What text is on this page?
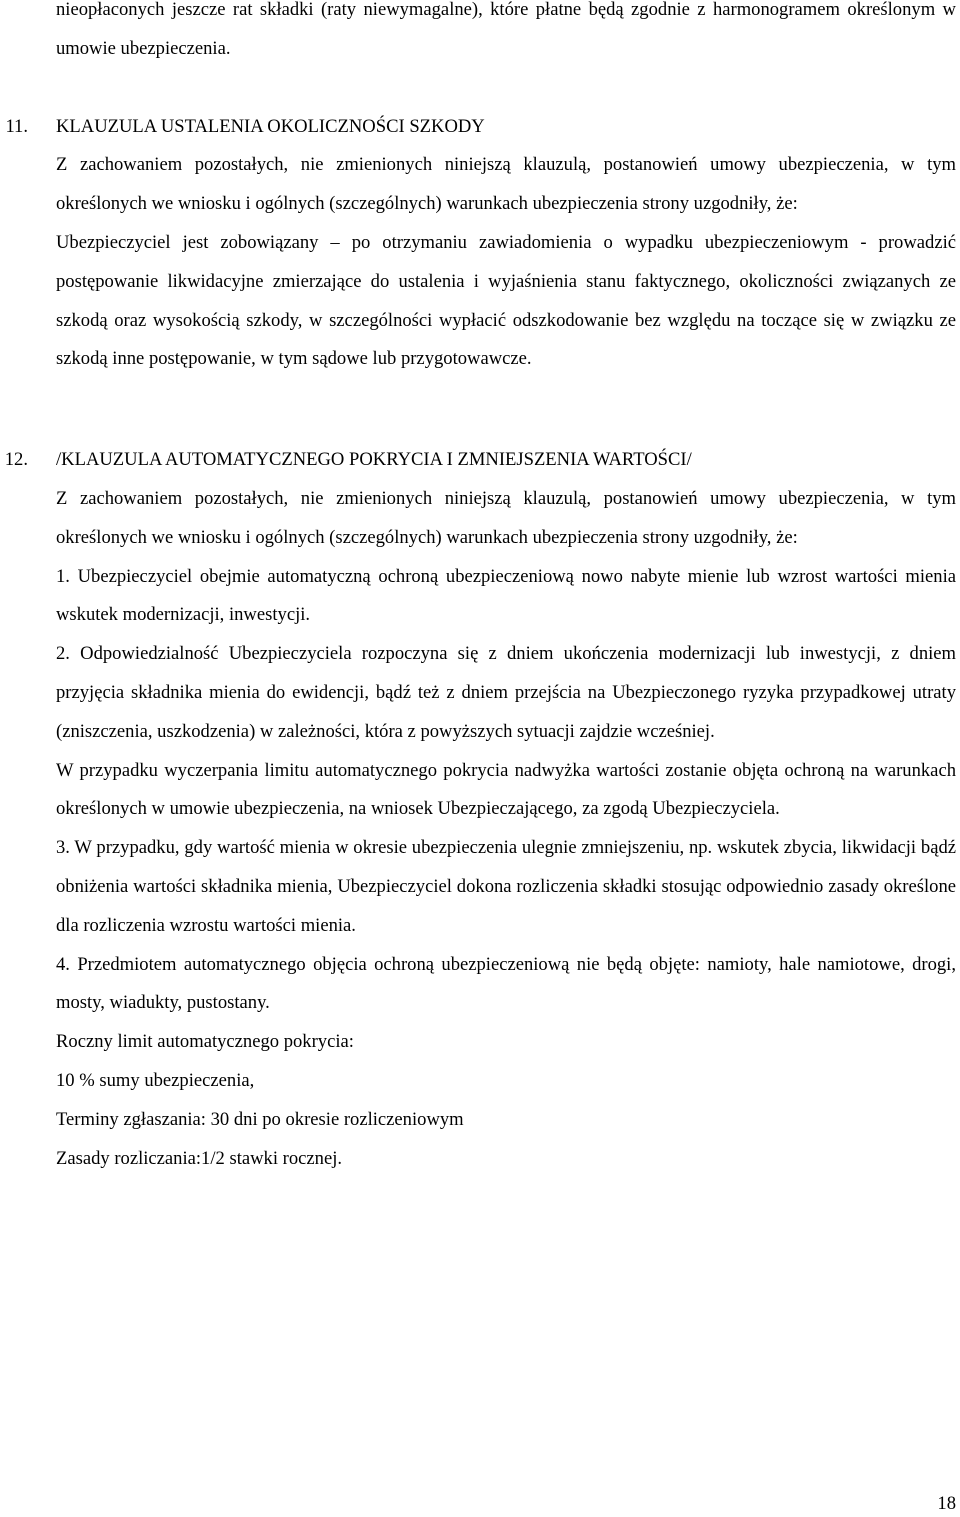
nieopłaconych jeszcze rat składki (raty niewymagalne), które płatne będą zgodnie z harmonogramem określonym w umowie ubezpieczenia.

11.	KLAUZULA USTALENIA OKOLICZNOŚCI SZKODY

Z zachowaniem pozostałych, nie zmienionych niniejszą klauzulą, postanowień umowy ubezpieczenia, w tym określonych we wniosku i ogólnych (szczególnych) warunkach ubezpieczenia strony uzgodniły, że:

Ubezpieczyciel jest zobowiązany – po otrzymaniu zawiadomienia o wypadku ubezpieczeniowym - prowadzić postępowanie likwidacyjne zmierzające do ustalenia i wyjaśnienia stanu faktycznego, okoliczności związanych ze szkodą oraz wysokością szkody, w szczególności wypłacić odszkodowanie bez względu na toczące się w związku ze szkodą inne postępowanie, w tym sądowe lub przygotowawcze.

12.	/KLAUZULA AUTOMATYCZNEGO POKRYCIA I ZMNIEJSZENIA WARTOŚCI/

Z zachowaniem pozostałych, nie zmienionych niniejszą klauzulą, postanowień umowy ubezpieczenia, w tym określonych we wniosku i ogólnych (szczególnych) warunkach ubezpieczenia strony uzgodniły, że:

1. Ubezpieczyciel obejmie automatyczną ochroną ubezpieczeniową nowo nabyte mienie lub wzrost wartości mienia wskutek modernizacji, inwestycji.

2. Odpowiedzialność Ubezpieczyciela rozpoczyna się z dniem ukończenia modernizacji lub inwestycji, z dniem przyjęcia składnika mienia do ewidencji, bądź też z dniem przejścia na Ubezpieczonego ryzyka przypadkowej utraty (zniszczenia, uszkodzenia) w zależności, która z powyższych sytuacji zajdzie wcześniej.

W przypadku wyczerpania limitu automatycznego pokrycia nadwyżka wartości zostanie objęta ochroną na warunkach określonych w umowie ubezpieczenia, na wniosek Ubezpieczającego, za zgodą Ubezpieczyciela.

3. W przypadku, gdy wartość mienia w okresie ubezpieczenia ulegnie zmniejszeniu, np. wskutek zbycia, likwidacji bądź obniżenia wartości składnika mienia, Ubezpieczyciel dokona rozliczenia składki stosując odpowiednio zasady określone dla rozliczenia wzrostu wartości mienia.

4. Przedmiotem automatycznego objęcia ochroną ubezpieczeniową nie będą objęte: namioty, hale namiotowe, drogi, mosty, wiadukty, pustostany.

Roczny limit automatycznego pokrycia:

10 % sumy ubezpieczenia,

Terminy zgłaszania: 30 dni po okresie rozliczeniowym

Zasady rozliczania:1/2 stawki rocznej.

18
